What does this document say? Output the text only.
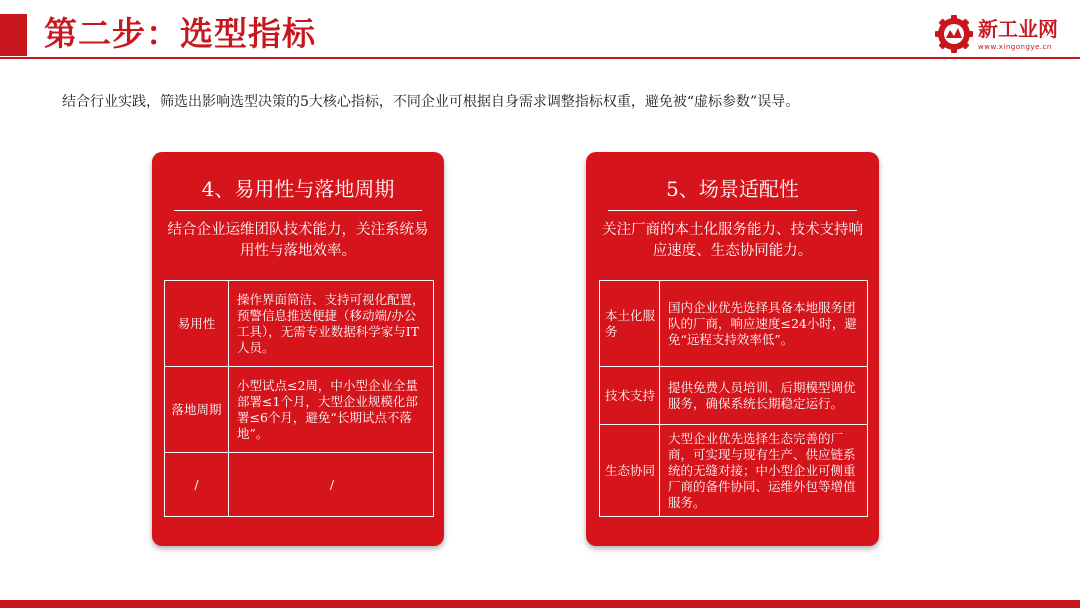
第二步：选型指标	新工业网
www.xingongye.cn

结合行业实践，筛选出影响选型决策的5大核心指标，不同企业可根据自身需求调整指标权重，避免被“虚标参数”误导。

4、易用性与落地周期

结合企业运维团队技术能力，关注系统易用性与落地效率。

易用性	操作界面简洁、支持可视化配置，预警信息推送便捷（移动端/办公工具），无需专业数据科学家与IT人员。
落地周期	小型试点≤2周，中小型企业全量部署≤1个月，大型企业规模化部署≤6个月，避免“长期试点不落地”。
/	/
5、场景适配性

关注厂商的本土化服务能力、技术支持响应速度、生态协同能力。

本土化服务	国内企业优先选择具备本地服务团队的厂商，响应速度≤24小时，避免“远程支持效率低”。
技术支持	提供免费人员培训、后期模型调优服务，确保系统长期稳定运行。
生态协同	大型企业优先选择生态完善的厂商，可实现与现有生产、供应链系统的无缝对接；中小型企业可侧重厂商的备件协同、运维外包等增值服务。
